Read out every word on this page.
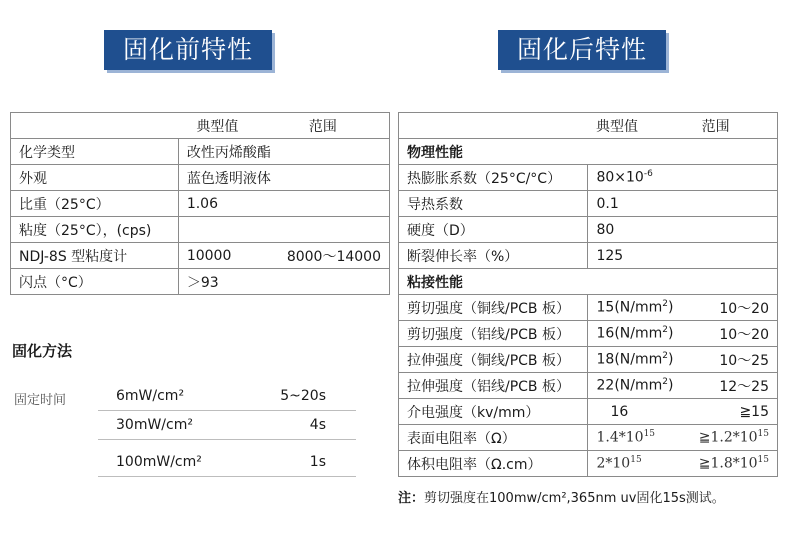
固化前特性	固化后特性
	典型值	范围
化学类型	改性丙烯酸酯	
外观	蓝色透明液体	
比重（25°C）	1.06	
粘度（25°C），(cps)		
NDJ-8S 型粘度计	10000	8000～14000
闪点（°C）	＞93	
	典型值	范围
物理性能		
热膨胀系数（25°C/°C）	$80\times 10^{-6}$	
导热系数	0.1	
硬度（D）	80	
断裂伸长率（%）	125	
粘接性能		
剪切强度（铜线/PCB 板）	$15(N/mm^2)$	10～20
剪切强度（铝线/PCB 板）	$16(N/mm^2)$	10～20
拉伸强度（铜线/PCB 板）	$18(N/mm^2)$	10～25
拉伸强度（铝线/PCB 板）	$22(N/mm^2)$	12～25
介电强度（kv/mm）	16	≧15
表面电阻率（Ω）	$1.4*10^{15}$	$≧1.2*10^{15}$
体积电阻率（Ω.cm）	$2*10^{15}$	$≧1.8*10^{15}$
固化方法
固定时间	6mW/cm²	5~20s
30mW/cm²	4s
100mW/cm²	1s
注：剪切强度在100mw/cm²,365nm uv固化15s测试。
